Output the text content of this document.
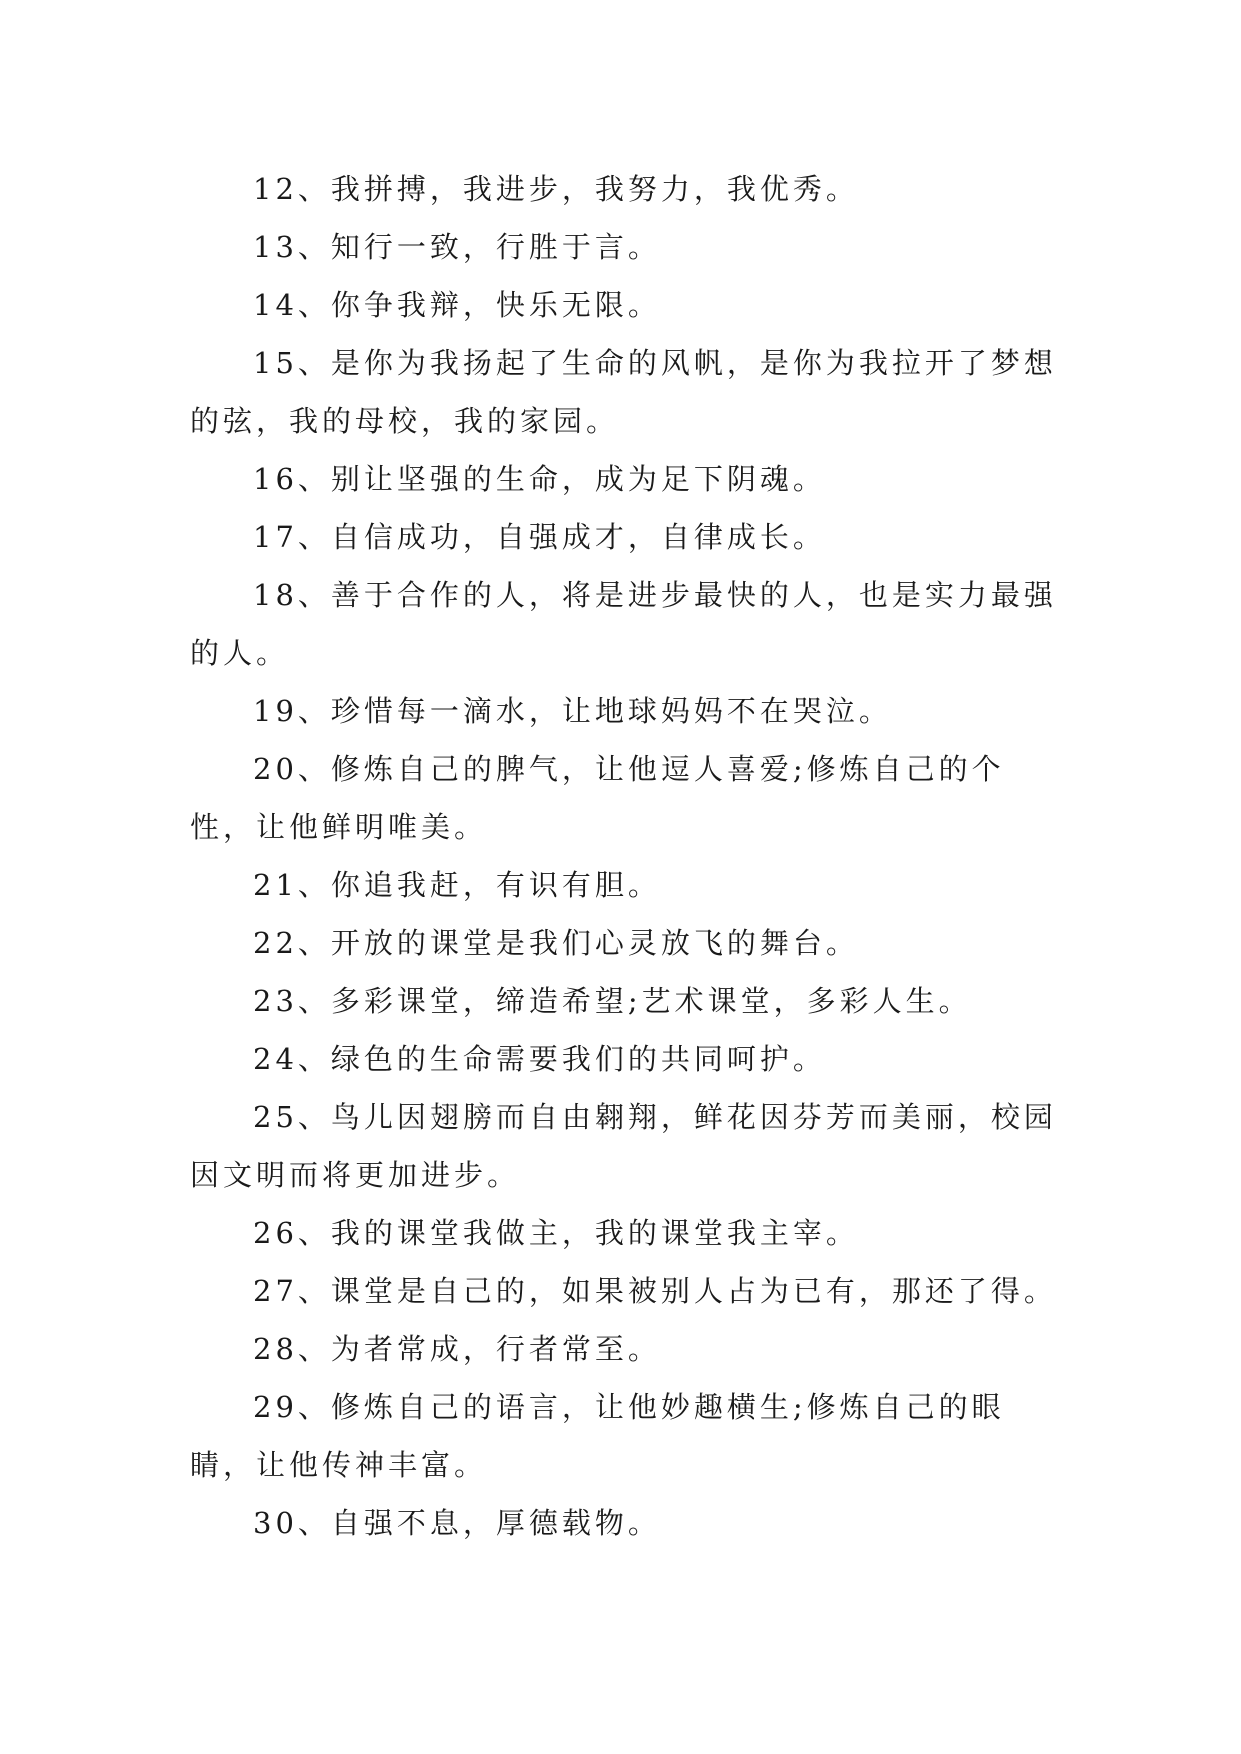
12、我拼搏，我进步，我努力，我优秀。

13、知行一致，行胜于言。

14、你争我辩，快乐无限。

15、是你为我扬起了生命的风帆，是你为我拉开了梦想的弦，我的母校，我的家园。

16、别让坚强的生命，成为足下阴魂。

17、自信成功，自强成才，自律成长。

18、善于合作的人，将是进步最快的人，也是实力最强的人。

19、珍惜每一滴水，让地球妈妈不在哭泣。

20、修炼自己的脾气，让他逗人喜爱;修炼自己的个性，让他鲜明唯美。

21、你追我赶，有识有胆。

22、开放的课堂是我们心灵放飞的舞台。

23、多彩课堂，缔造希望;艺术课堂，多彩人生。

24、绿色的生命需要我们的共同呵护。

25、鸟儿因翅膀而自由翱翔，鲜花因芬芳而美丽，校园因文明而将更加进步。

26、我的课堂我做主，我的课堂我主宰。

27、课堂是自己的，如果被别人占为已有，那还了得。

28、为者常成，行者常至。

29、修炼自己的语言，让他妙趣横生;修炼自己的眼睛，让他传神丰富。

30、自强不息，厚德载物。
